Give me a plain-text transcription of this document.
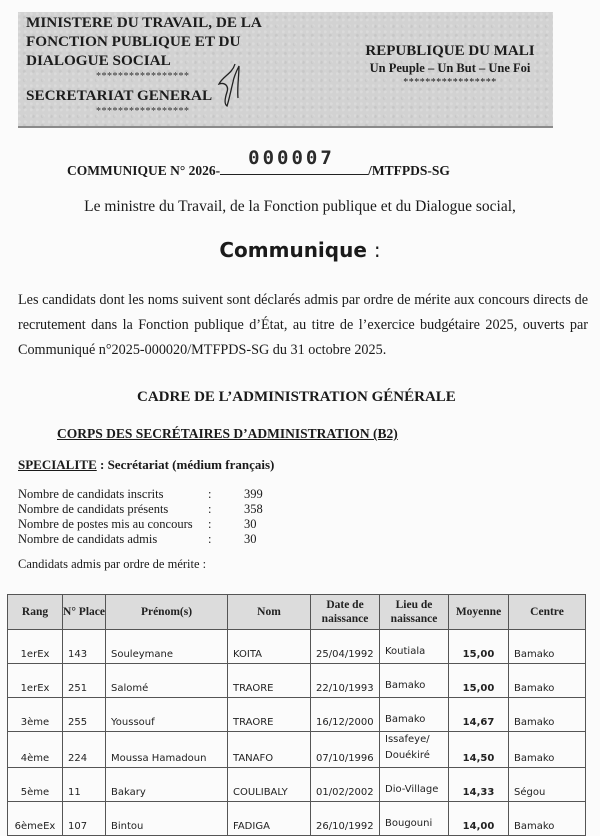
MINISTERE DU TRAVAIL, DE LA
FONCTION PUBLIQUE ET DU
DIALOGUE SOCIAL
*****************
SECRETARIAT GENERAL
*****************
REPUBLIQUE DU MALI
Un Peuple – Un But – Une Foi
*****************
COMMUNIQUE N° 2026-
000007
/MTFPDS-SG
Le ministre du Travail, de la Fonction publique et du Dialogue social,
Communique :
Les candidats dont les noms suivent sont déclarés admis par ordre de mérite aux concours directs de recrutement dans la Fonction publique d’État, au titre de l’exercice budgétaire 2025, ouverts par Communiqué n°2025-000020/MTFPDS-SG du 31 octobre 2025.
CADRE DE L’ADMINISTRATION GÉNÉRALE
CORPS DES SECRÉTAIRES D’ADMINISTRATION (B2)
SPECIALITE : Secrétariat (médium français)
Nombre de candidats inscrits	:	399
Nombre de candidats présents	:	358
Nombre de postes mis au concours	:	30
Nombre de candidats admis	:	30
Candidats admis par ordre de mérite :
Rang	N° Place	Prénom(s)	Nom	Date de naissance	Lieu de naissance	Moyenne	Centre
1erEx	143	Souleymane	KOITA	25/04/1992	Koutiala	15,00	Bamako
1erEx	251	Salomé	TRAORE	22/10/1993	Bamako	15,00	Bamako
3ème	255	Youssouf	TRAORE	16/12/2000	Bamako	14,67	Bamako
4ème	224	Moussa Hamadoun	TANAFO	07/10/1996	Issafeye/ Douékiré	14,50	Bamako
5ème	11	Bakary	COULIBALY	01/02/2002	Dio-Village	14,33	Ségou
6èmeEx	107	Bintou	FADIGA	26/10/1992	Bougouni	14,00	Bamako
